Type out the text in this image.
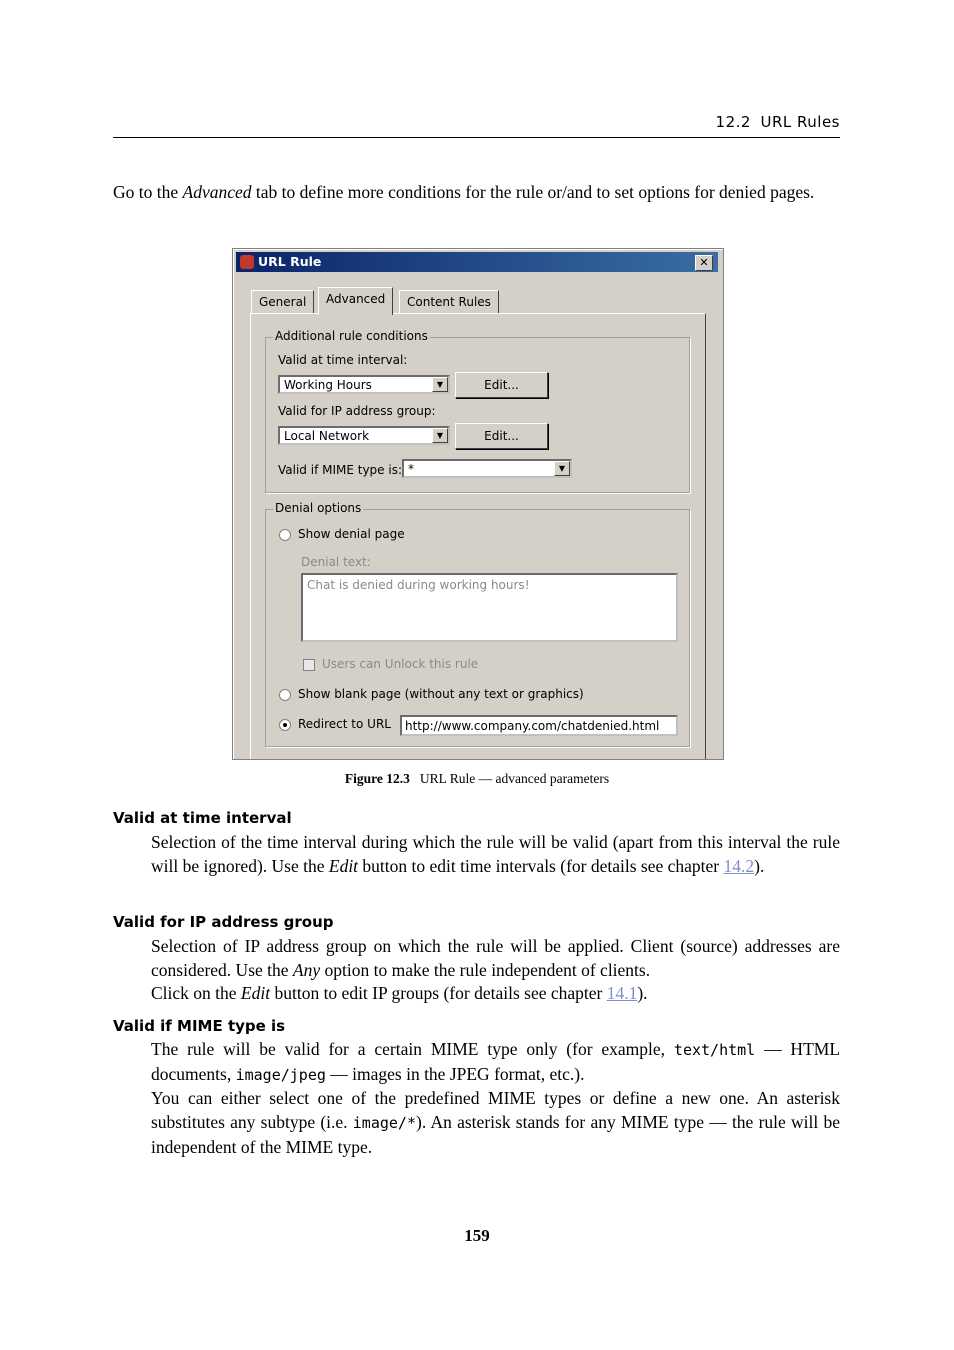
12.2 URL Rules
Go to the Advanced tab to define more conditions for the rule or/and to set options for denied pages.
URL Rule	✕
General	Advanced	Content Rules
Additional rule conditions
Valid at time interval:
Working Hours	▼	Edit...
Valid for IP address group:
Local Network	▼	Edit...
Valid if MIME type is: *	▼
Denial options
Show denial page
Denial text:
Chat is denied during working hours!
Users can Unlock this rule
Show blank page (without any text or graphics)
Redirect to URL	http://www.company.com/chatdenied.html
Figure 12.3 URL Rule — advanced parameters
Valid at time interval
Selection of the time interval during which the rule will be valid (apart from this interval the rule will be ignored). Use the Edit button to edit time intervals (for details see chapter 14.2).
Valid for IP address group
Selection of IP address group on which the rule will be applied. Client (source) addresses are considered. Use the Any option to make the rule independent of clients.
Click on the Edit button to edit IP groups (for details see chapter 14.1).
Valid if MIME type is
The rule will be valid for a certain MIME type only (for example, text/html — HTML documents, image/jpeg — images in the JPEG format, etc.).
You can either select one of the predefined MIME types or define a new one. An asterisk substitutes any subtype (i.e. image/*). An asterisk stands for any MIME type — the rule will be independent of the MIME type.
159
